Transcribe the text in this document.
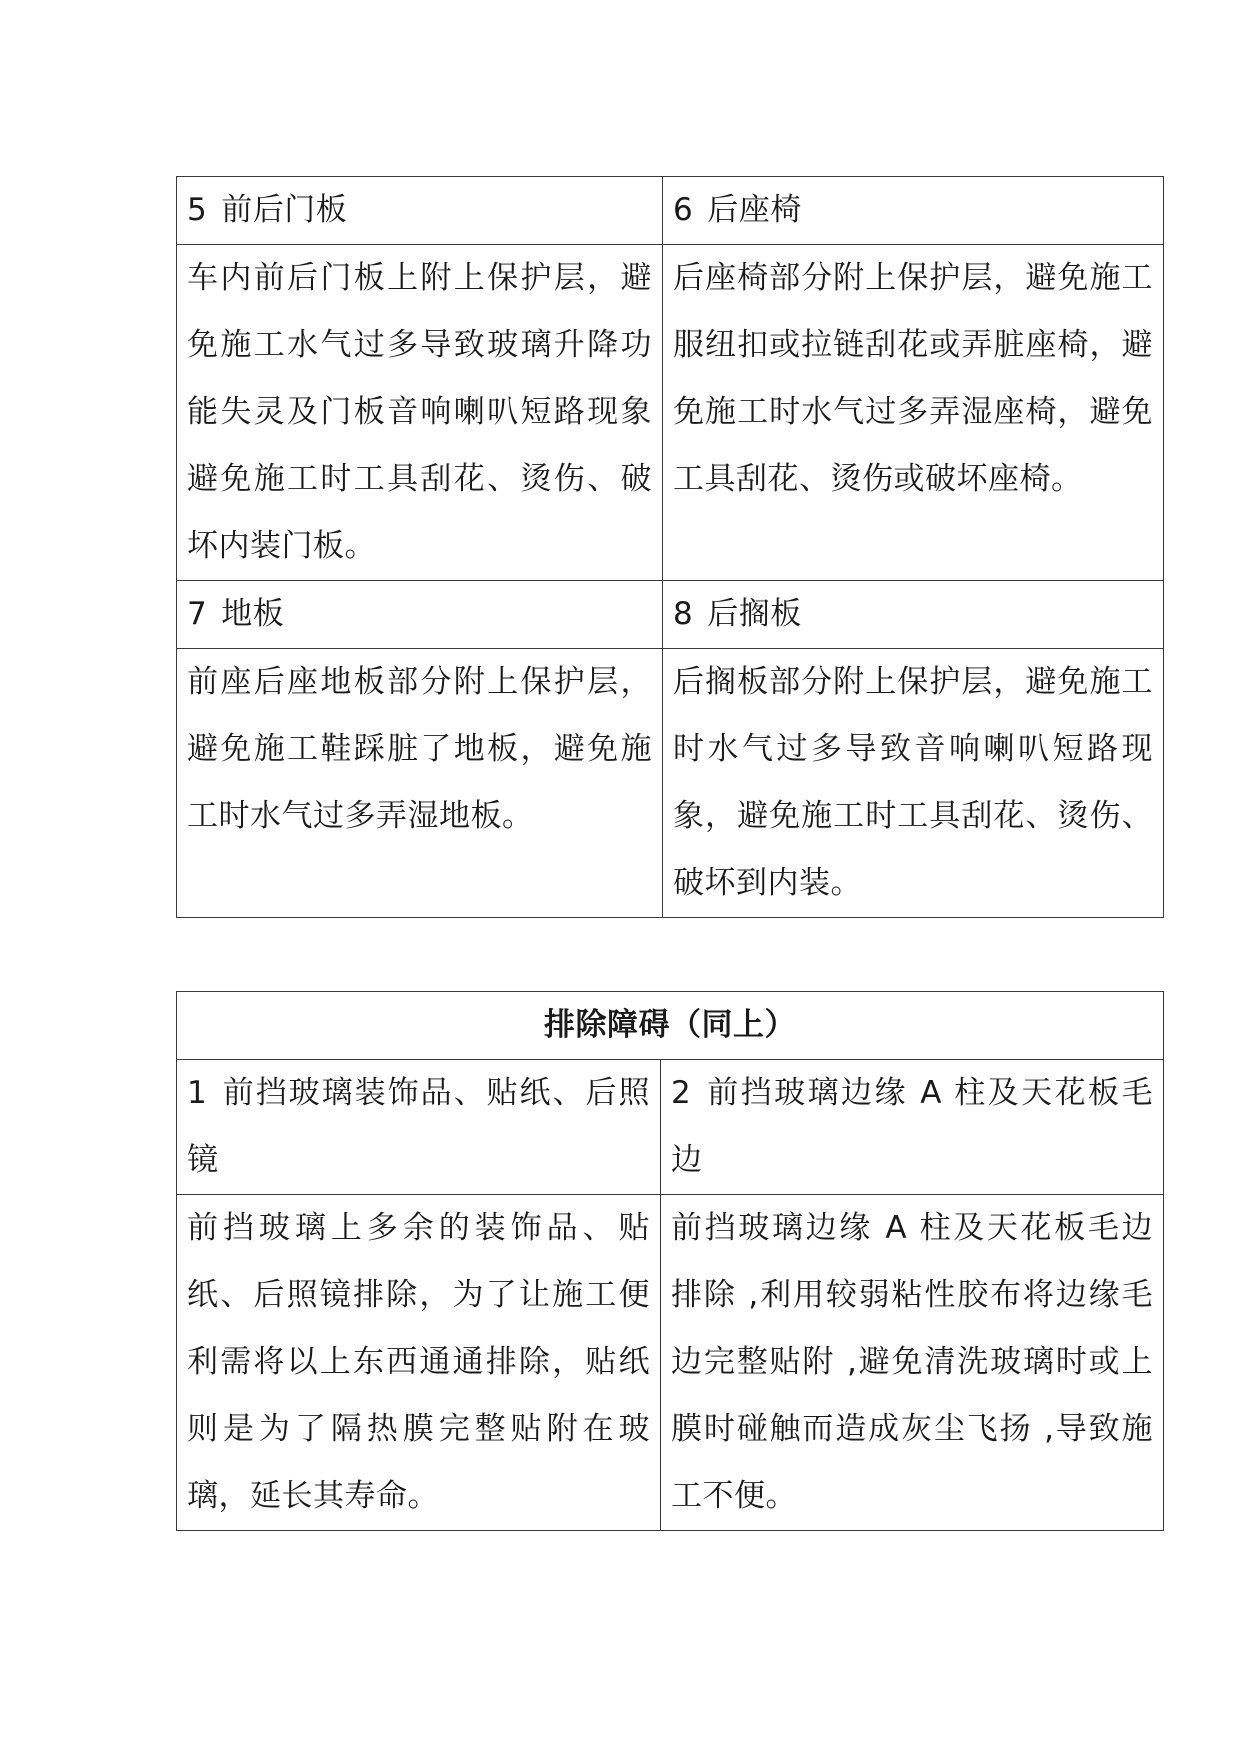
5 前后门板	6 后座椅
车内前后门板上附上保护层，避免施工水气过多导致玻璃升降功能失灵及门板音响喇叭短路现象避免施工时工具刮花、烫伤、破坏内装门板。	后座椅部分附上保护层，避免施工服纽扣或拉链刮花或弄脏座椅，避免施工时水气过多弄湿座椅，避免工具刮花、烫伤或破坏座椅。
7 地板	8 后搁板
前座后座地板部分附上保护层，避免施工鞋踩脏了地板，避免施工时水气过多弄湿地板。	后搁板部分附上保护层，避免施工时水气过多导致音响喇叭短路现象，避免施工时工具刮花、烫伤、破坏到内装。
排除障碍（同上）	
1 前挡玻璃装饰品、贴纸、后照镜	2 前挡玻璃边缘 A 柱及天花板毛边
前挡玻璃上多余的装饰品、贴纸、后照镜排除，为了让施工便利需将以上东西通通排除，贴纸则是为了隔热膜完整贴附在玻璃，延长其寿命。	前挡玻璃边缘 A 柱及天花板毛边排除 ,利用较弱粘性胶布将边缘毛边完整贴附 ,避免清洗玻璃时或上膜时碰触而造成灰尘飞扬 ,导致施工不便。
